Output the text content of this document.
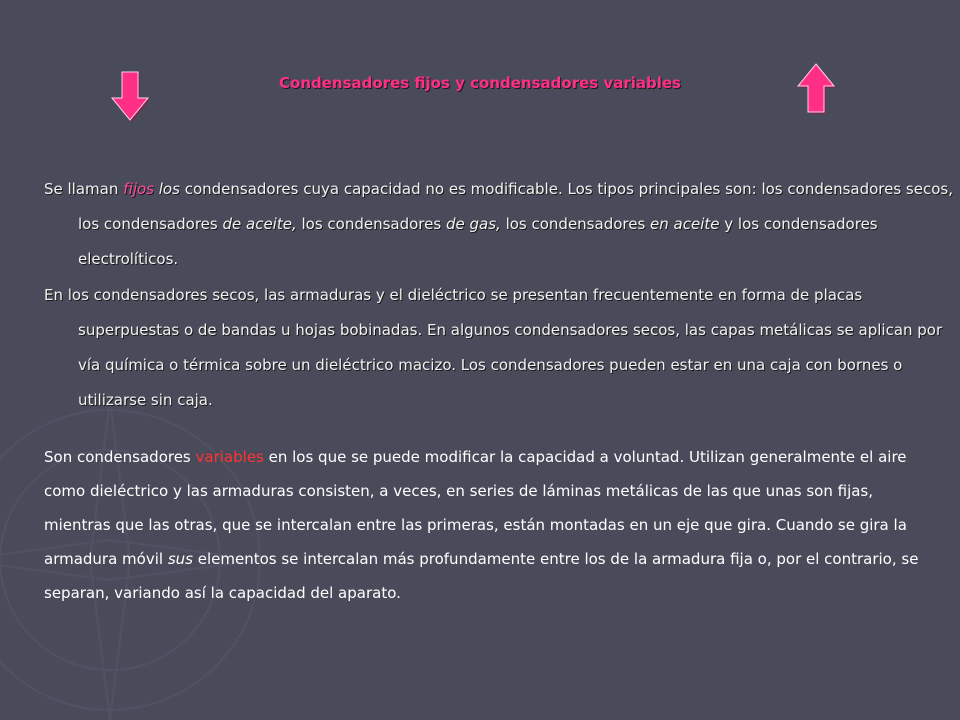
Condensadores fijos y condensadores variables
Se llaman fijos los condensadores cuya capacidad no es modificable. Los tipos principales son: los condensadores secos, los condensadores de aceite, los condensadores de gas, los condensadores en aceite y los condensadores electrolíticos.
En los condensadores secos, las armaduras y el dieléctrico se presentan frecuentemente en forma de placas superpuestas o de bandas u hojas bobinadas. En algunos condensadores secos, las capas metálicas se aplican por vía química o térmica sobre un dieléctrico macizo. Los condensadores pueden estar en una caja con bornes o utilizarse sin caja.
Son condensadores variables en los que se puede modificar la capacidad a voluntad. Utilizan generalmente el aire como dieléctrico y las armaduras consisten, a veces, en series de láminas metálicas de las que unas son fijas, mientras que las otras, que se intercalan entre las primeras, están montadas en un eje que gira. Cuando se gira la armadura móvil sus elementos se intercalan más profundamente entre los de la armadura fija o, por el contrario, se separan, variando así la capacidad del aparato.
